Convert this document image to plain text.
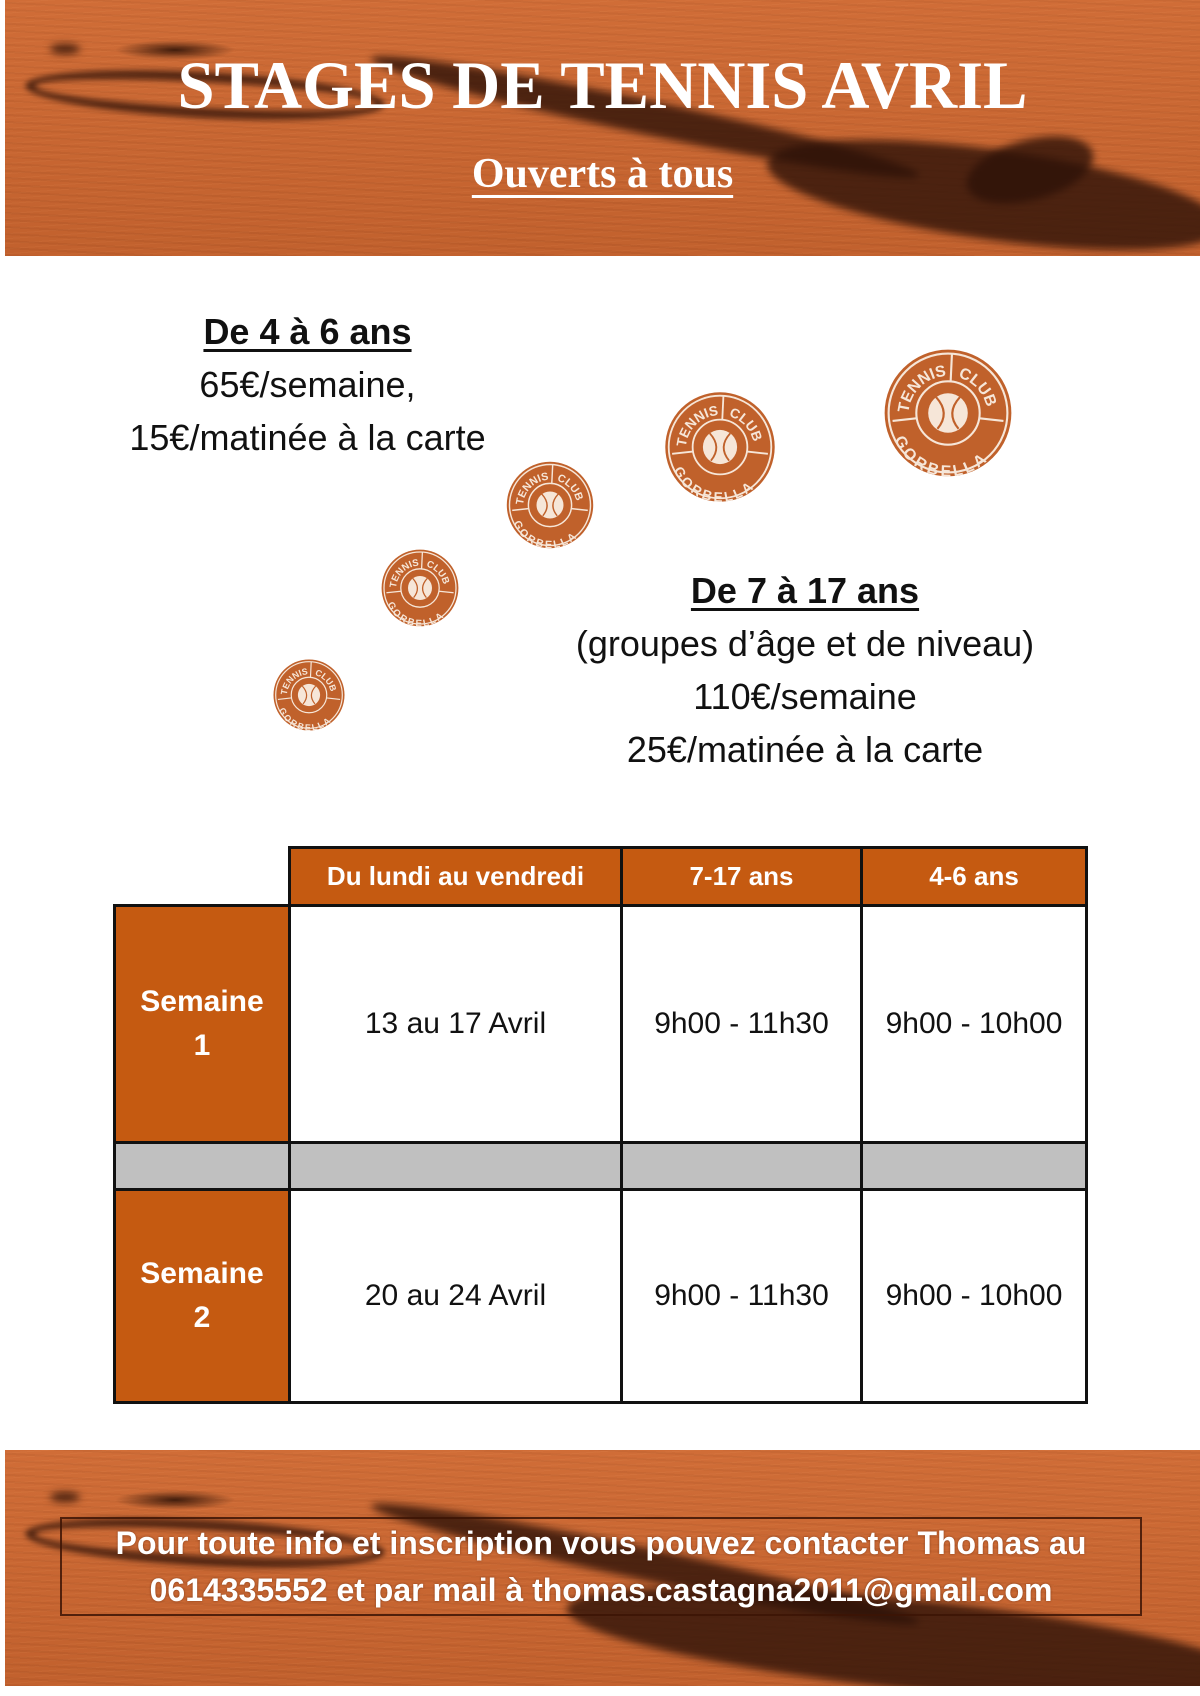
STAGES DE TENNIS AVRIL
Ouverts à tous
De 4 à 6 ans
65€/semaine,
15€/matinée à la carte
De 7 à 17 ans
(groupes d’âge et de niveau)
110€/semaine
25€/matinée à la carte
	Du lundi au vendredi	7-17 ans	4-6 ans

Semaine
1	13 au 17 Avril	9h00 - 11h30	9h00 - 10h00

Semaine
2	20 au 24 Avril	9h00 - 11h30	9h00 - 10h00
Pour toute info et inscription vous pouvez contacter Thomas au
0614335552 et par mail à thomas.castagna2011@gmail.com
